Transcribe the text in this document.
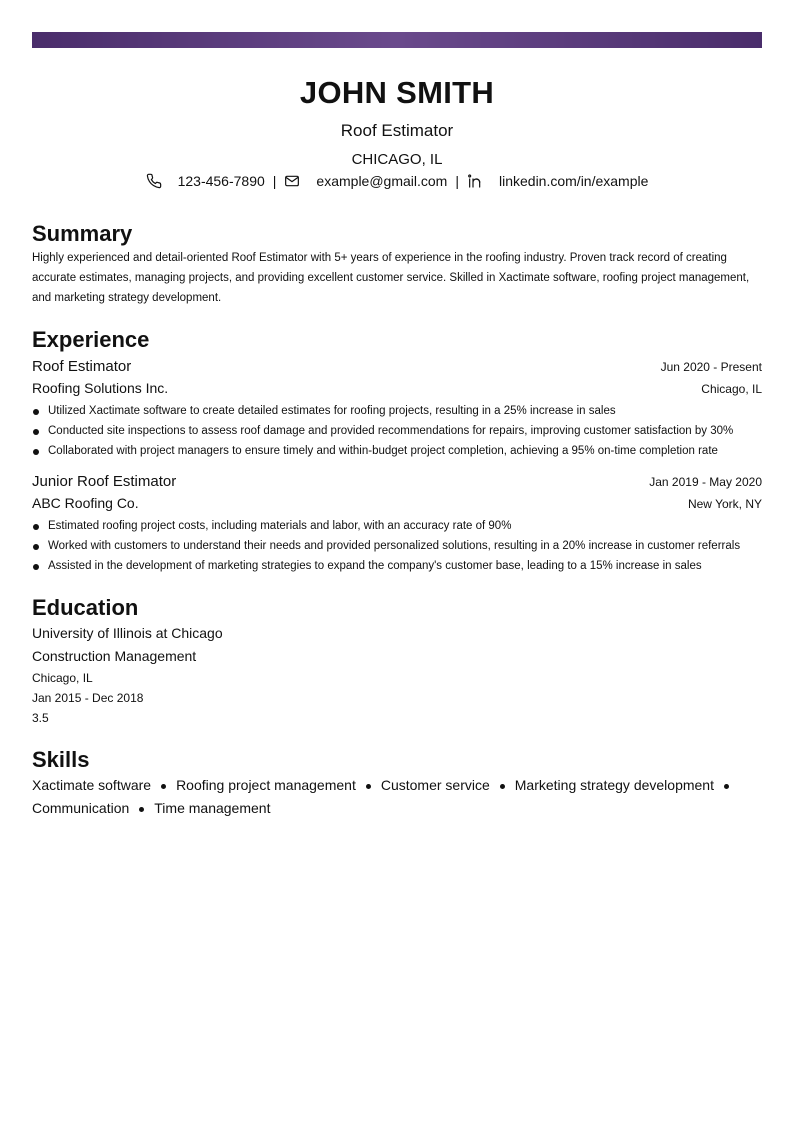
JOHN SMITH
Roof Estimator
CHICAGO, IL
123-456-7890 |	example@gmail.com |	linkedin.com/in/example
Summary
Highly experienced and detail-oriented Roof Estimator with 5+ years of experience in the roofing industry. Proven track record of creating accurate estimates, managing projects, and providing excellent customer service. Skilled in Xactimate software, roofing project management, and marketing strategy development.
Experience
Roof Estimator	Jun 2020 - Present
Roofing Solutions Inc.	Chicago, IL
Utilized Xactimate software to create detailed estimates for roofing projects, resulting in a 25% increase in sales
Conducted site inspections to assess roof damage and provided recommendations for repairs, improving customer satisfaction by 30%
Collaborated with project managers to ensure timely and within-budget project completion, achieving a 95% on-time completion rate
Junior Roof Estimator	Jan 2019 - May 2020
ABC Roofing Co.	New York, NY
Estimated roofing project costs, including materials and labor, with an accuracy rate of 90%
Worked with customers to understand their needs and provided personalized solutions, resulting in a 20% increase in customer referrals
Assisted in the development of marketing strategies to expand the company's customer base, leading to a 15% increase in sales
Education
University of Illinois at Chicago
Construction Management
Chicago, IL
Jan 2015 - Dec 2018
3.5
Skills
Xactimate software Roofing project management Customer service Marketing strategy development
Communication Time management
